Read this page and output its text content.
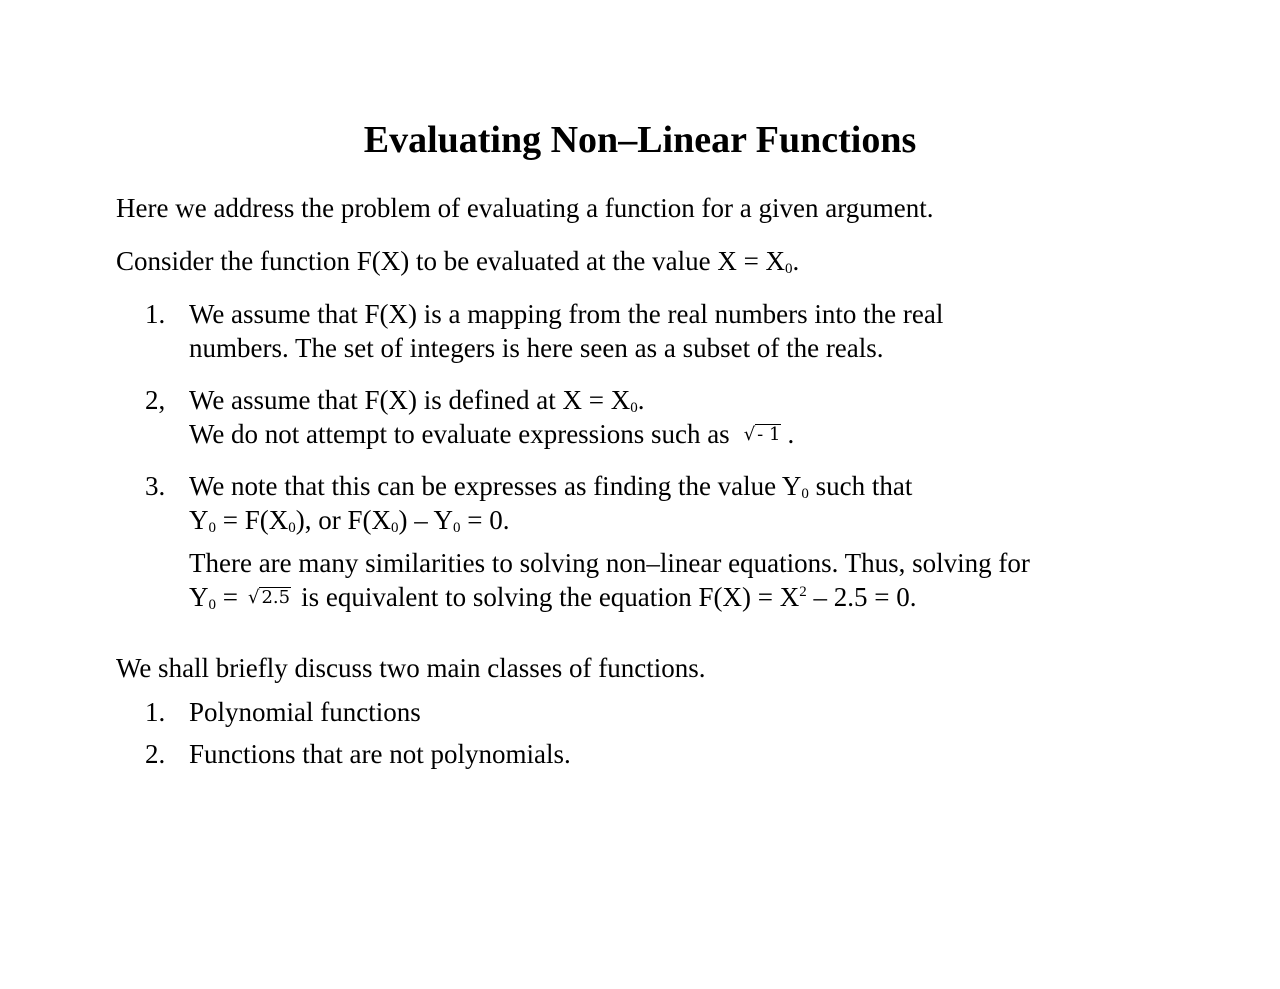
Evaluating Non–Linear Functions
Here we address the problem of evaluating a function for a given argument.
Consider the function F(X) to be evaluated at the value $X = X_0$.
1. We assume that F(X) is a mapping from the real numbers into the real
numbers. The set of integers is here seen as a subset of the reals.
2, We assume that F(X) is defined at $X = X_0$.
We do not attempt to evaluate expressions such as √ - 1 .
3. We note that this can be expresses as finding the value $Y_0$ such that
$Y_0 = F(X_0)$, or $F(X_0) - Y_0 = 0$.
There are many similarities to solving non–linear equations. Thus, solving for
$Y_0$ = √ 2.5 is equivalent to solving the equation $F(X) = X^2 - 2.5 = 0$.
We shall briefly discuss two main classes of functions.
1. Polynomial functions
2. Functions that are not polynomials.
